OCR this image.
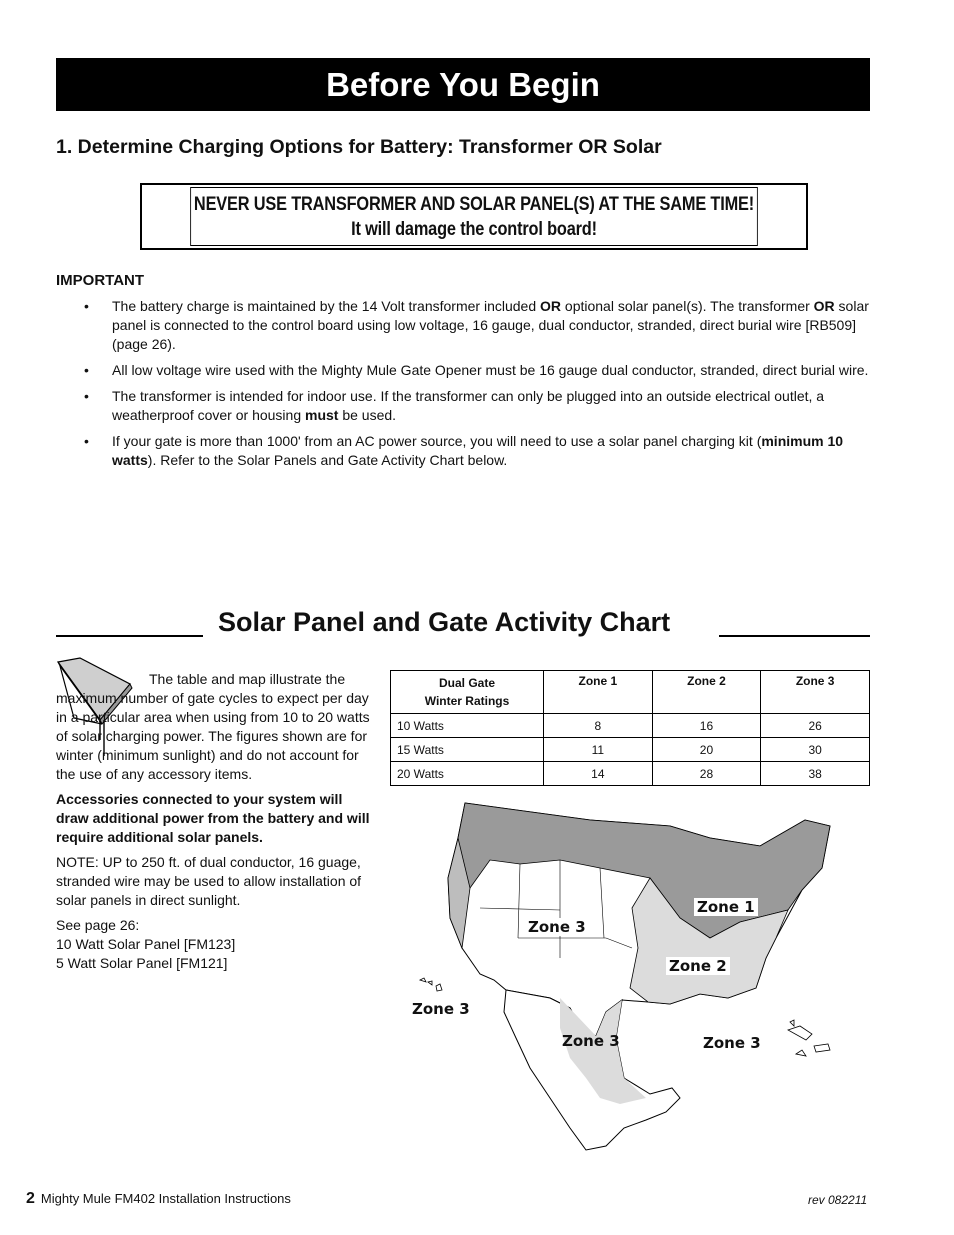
Before You Begin
1. Determine Charging Options for Battery: Transformer OR Solar
NEVER USE TRANSFORMER AND SOLAR PANEL(S) AT THE SAME TIME!
It will damage the control board!
IMPORTANT
• The battery charge is maintained by the 14 Volt transformer included OR optional solar panel(s). The transformer OR solar panel is connected to the control board using low voltage, 16 gauge, dual conductor, stranded, direct burial wire [RB509] (page 26).
• All low voltage wire used with the Mighty Mule Gate Opener must be 16 gauge dual conductor, stranded, direct burial wire.
• The transformer is intended for indoor use. If the transformer can only be plugged into an outside electrical outlet, a weatherproof cover or housing must be used.
• If your gate is more than 1000' from an AC power source, you will need to use a solar panel charging kit (minimum 10 watts). Refer to the Solar Panels and Gate Activity Chart below.
Solar Panel and Gate Activity Chart

The table and map illustrate the maximum number of gate cycles to expect per day in a particular area when using from 10 to 20 watts of solar charging power. The figures shown are for winter (minimum sunlight) and do not account for the use of any accessory items.

Accessories connected to your system will draw additional power from the battery and will require additional solar panels.

NOTE: UP to 250 ft. of dual conductor, 16 guage, stranded wire may be used to allow installation of solar panels in direct sunlight.

See page 26:
10 Watt Solar Panel [FM123]
5 Watt Solar Panel [FM121]
Dual Gate
Winter Ratings	Zone 1	Zone 2	Zone 3
10 Watts	8	16	26
15 Watts	11	20	30
20 Watts	14	28	38
Zone 1
Zone 3
Zone 2
Zone 3
Zone 3	Zone 3
2 Mighty Mule FM402 Installation Instructions	rev 082211
